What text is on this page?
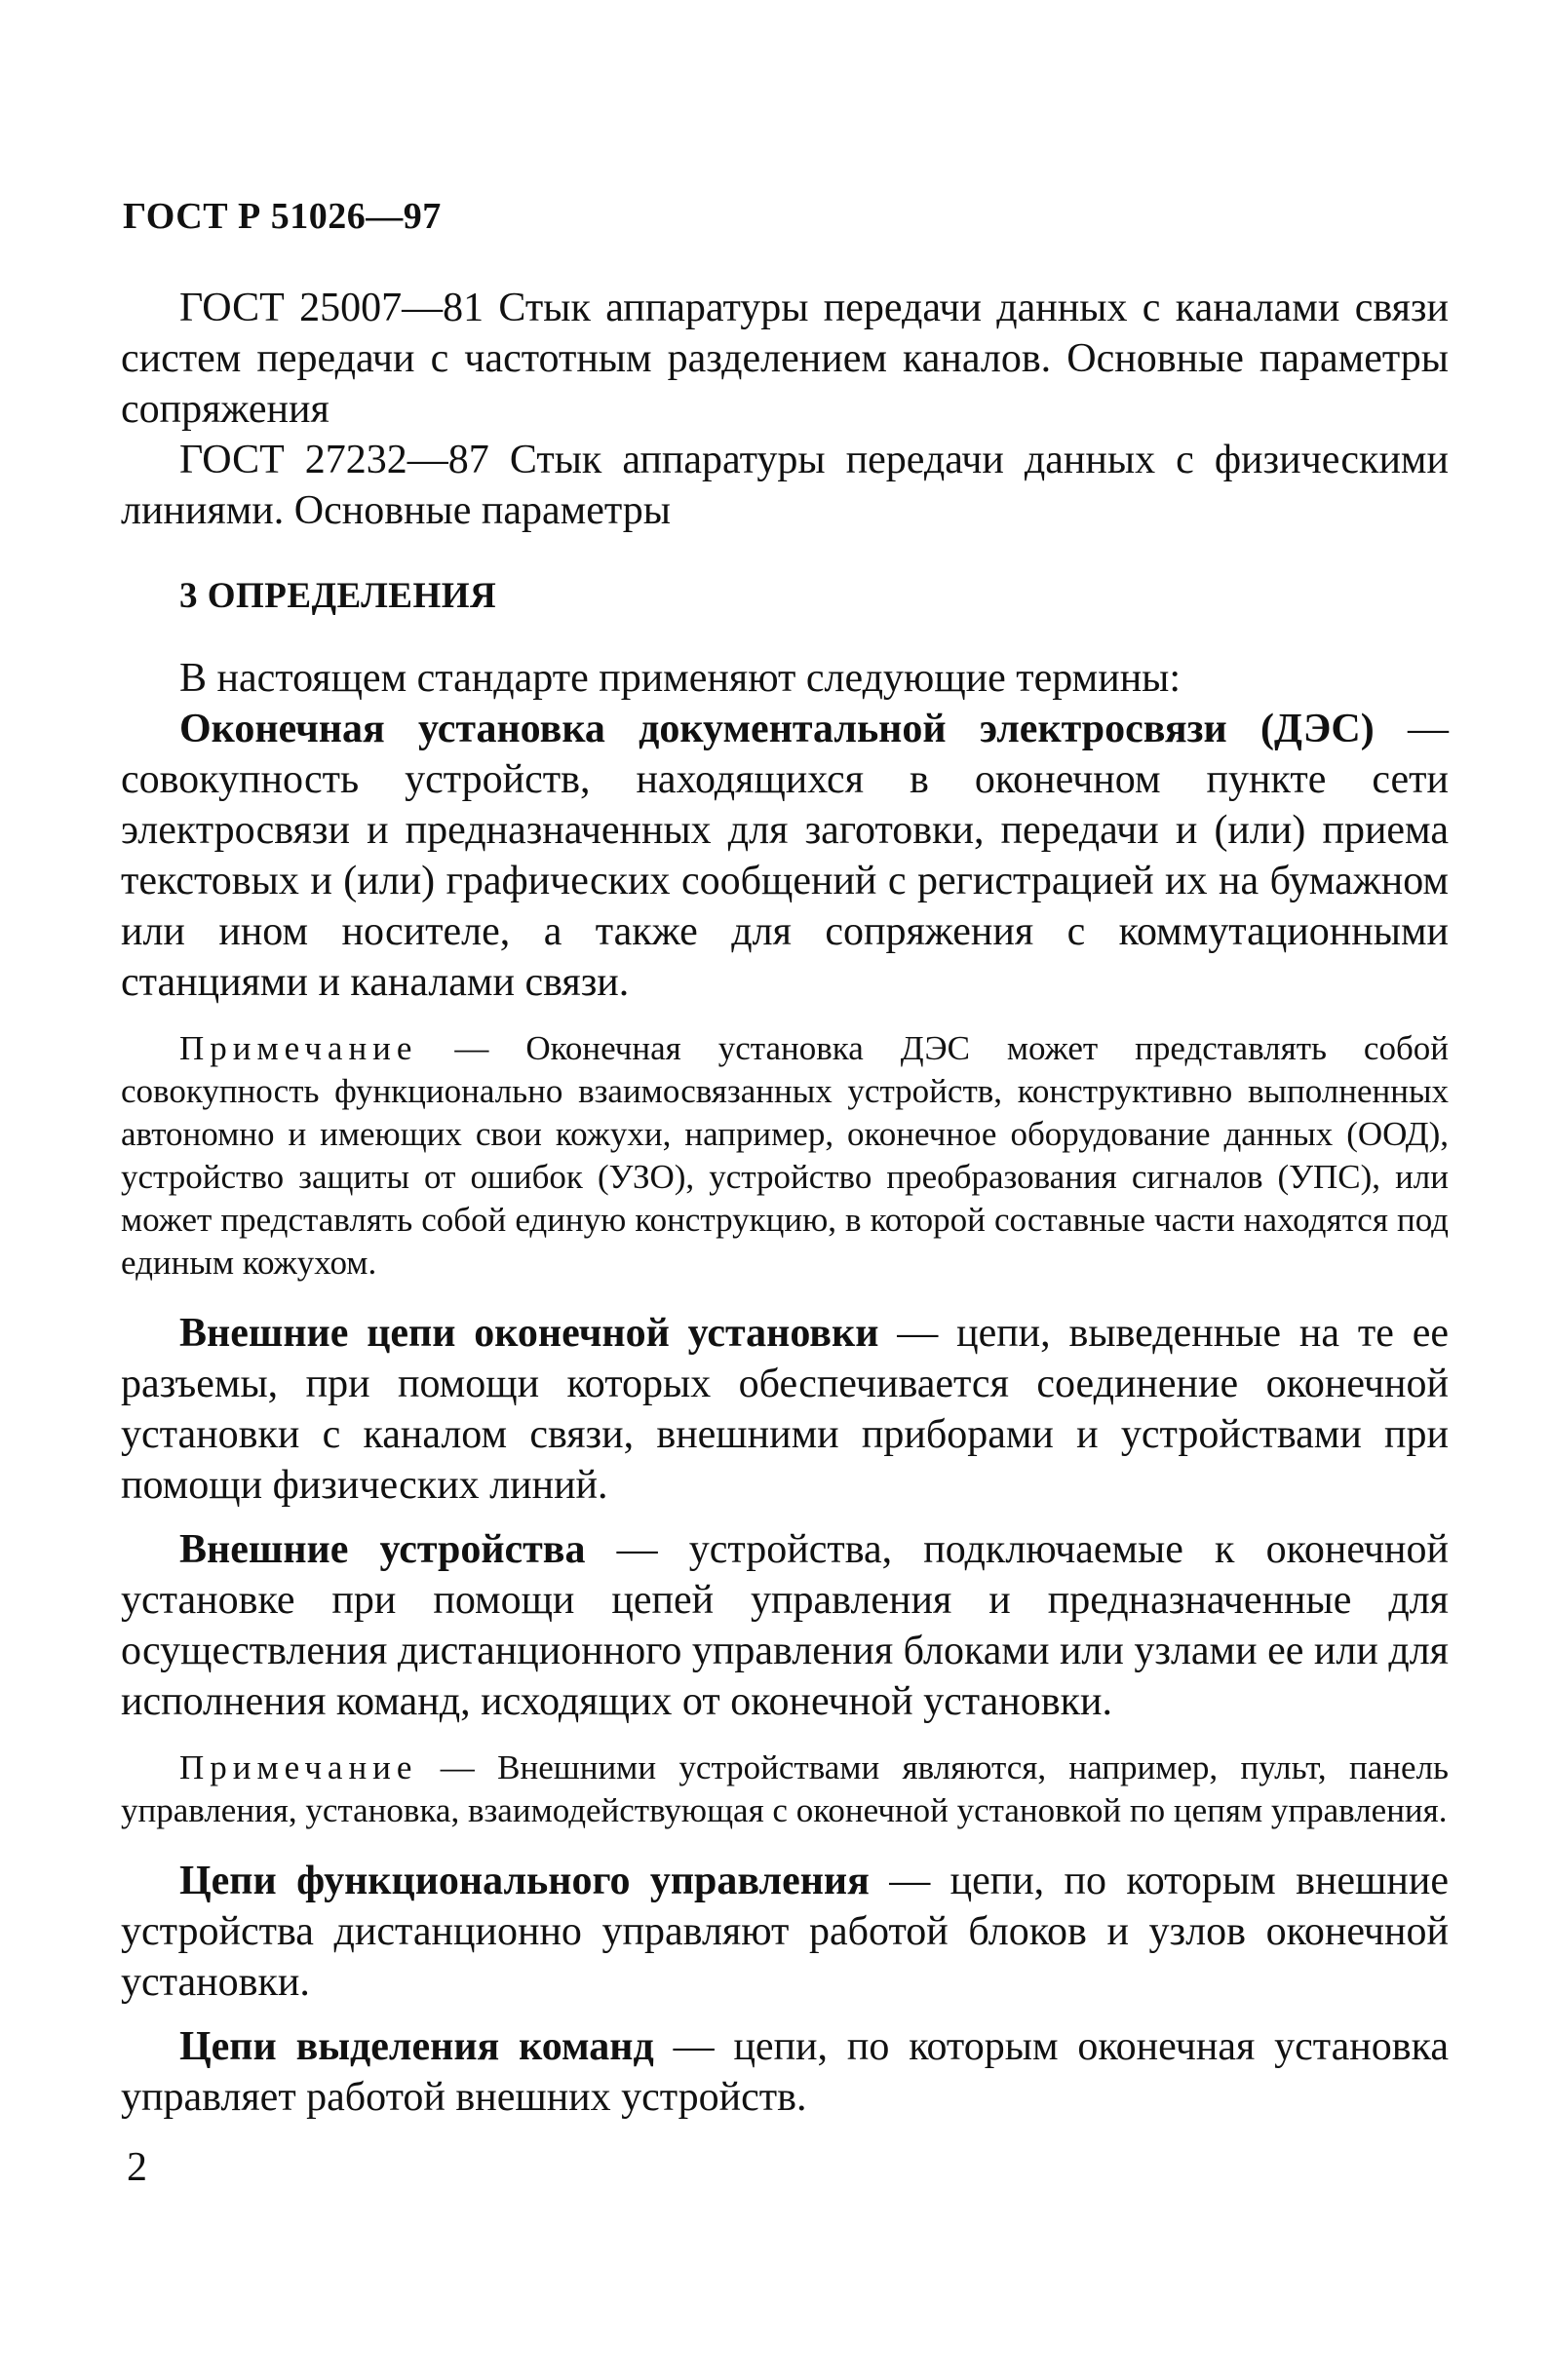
ГОСТ Р 51026—97

ГОСТ 25007—81 Стык аппаратуры передачи данных с каналами связи систем передачи с частотным разделением каналов. Основные параметры сопряжения

ГОСТ 27232—87 Стык аппаратуры передачи данных с физическими линиями. Основные параметры

3 ОПРЕДЕЛЕНИЯ

В настоящем стандарте применяют следующие термины:

Оконечная установка документальной электросвязи (ДЭС) — совокупность устройств, находящихся в оконечном пункте сети электросвязи и предназначенных для заготовки, передачи и (или) приема текстовых и (или) графических сообщений с регистрацией их на бумажном или ином носителе, а также для сопряжения с коммутационными станциями и каналами связи.

Примечание — Оконечная установка ДЭС может представлять собой совокупность функционально взаимосвязанных устройств, конструктивно выполненных автономно и имеющих свои кожухи, например, оконечное оборудование данных (ООД), устройство защиты от ошибок (УЗО), устройство преобразования сигналов (УПС), или может представлять собой единую конструкцию, в которой составные части находятся под единым кожухом.

Внешние цепи оконечной установки — цепи, выведенные на те ее разъемы, при помощи которых обеспечивается соединение оконечной установки с каналом связи, внешними приборами и устройствами при помощи физических линий.

Внешние устройства — устройства, подключаемые к оконечной установке при помощи цепей управления и предназначенные для осуществления дистанционного управления блоками или узлами ее или для исполнения команд, исходящих от оконечной установки.

Примечание — Внешними устройствами являются, например, пульт, панель управления, установка, взаимодействующая с оконечной установкой по цепям управления.

Цепи функционального управления — цепи, по которым внешние устройства дистанционно управляют работой блоков и узлов оконечной установки.

Цепи выделения команд — цепи, по которым оконечная установка управляет работой внешних устройств.

2
